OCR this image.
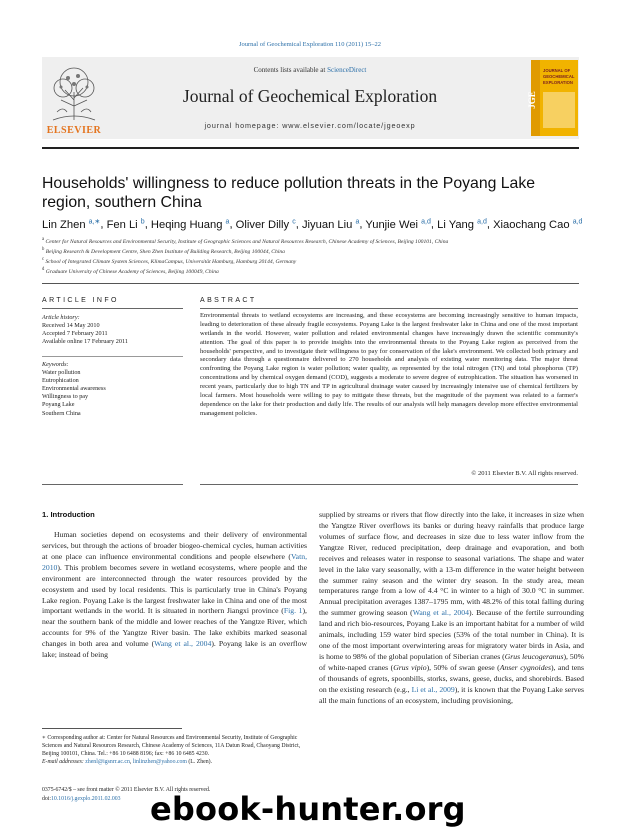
Journal of Geochemical Exploration 110 (2011) 15–22
ELSEVIER
Contents lists available at ScienceDirect
Journal of Geochemical Exploration
journal homepage: www.elsevier.com/locate/jgeoexp
JGE
JOURNAL OF
GEOCHEMICAL
EXPLORATION
Households' willingness to reduce pollution threats in the Poyang Lake region, southern China
Lin Zhen $^{a,∗}$, Fen Li $^b$, Heqing Huang $^a$, Oliver Dilly $^c$, Jiyuan Liu $^a$, Yunjie Wei $^{a,d}$, Li Yang $^{a,d}$, Xiaochang Cao $^{a,d}$
$^a$ Center for Natural Resources and Environmental Security, Institute of Geographic Sciences and Natural Resources Research, Chinese Academy of Sciences, Beijing 100101, China
$^b$ Beijing Research & Development Centre, Shen Zhen Institute of Building Research, Beijing 100044, China
$^c$ School of Integrated Climate System Sciences, KlimaCampus, Universität Hamburg, Hamburg 20144, Germany
$^d$ Graduate University of Chinese Academy of Sciences, Beijing 100049, China
ARTICLE INFO
Article history:
Received 14 May 2010
Accepted 7 February 2011
Available online 17 February 2011
Keywords:
Water pollution
Eutrophication
Environmental awareness
Willingness to pay
Poyang Lake
Southern China
ABSTRACT
Environmental threats to wetland ecosystems are increasing, and these ecosystems are becoming increasingly sensitive to human impacts, leading to deterioration of these already fragile ecosystems. Poyang Lake is the largest freshwater lake in China and one of the most important wetlands in the world. However, water pollution and related environmental changes have increasingly drawn the scientific community's attention. The goal of this paper is to provide insights into the environmental threats to the Poyang Lake region as perceived from the households' perspective, and to investigate their willingness to pay for conservation of the lake's environment. We collected both primary and secondary data through a questionnaire delivered to 270 households and analysis of existing water monitoring data. The major threat confronting the Poyang Lake region is water pollution; water quality, as represented by the total nitrogen (TN) and total phosphorus (TP) concentrations and by chemical oxygen demand (COD), suggests a moderate to severe degree of eutrophication. The situation has worsened in recent years, particularly due to high TN and TP in agricultural drainage water caused by increasingly intensive use of chemical fertilizers by local farmers. Most households were willing to pay to mitigate these threats, but the magnitude of the payment was related to a farmer's dependence on the lake for their production and daily life. The results of our analysis will help managers develop more effective environmental management policies.
© 2011 Elsevier B.V. All rights reserved.
1. Introduction

Human societies depend on ecosystems and their delivery of environmental services, but through the actions of broader biogeo-chemical cycles, human activities at one place can influence environmental conditions and people elsewhere (Vatn, 2010). This problem becomes severe in wetland ecosystems, where people and the environment are interconnected through the water resources provided by the ecosystem and used by local residents. This is particularly true in China's Poyang Lake region. Poyang Lake is the largest freshwater lake in China and one of the most important wetlands in the world. It is situated in northern Jiangxi province (Fig. 1), near the southern bank of the middle and lower reaches of the Yangtze River, which accounts for 9% of the Yangtze River basin. The lake exhibits marked seasonal changes in both area and volume (Wang et al., 2004). Poyang lake is an overflow lake; instead of being

supplied by streams or rivers that flow directly into the lake, it increases in size when the Yangtze River overflows its banks or during heavy rainfalls that produce large volumes of surface flow, and decreases in size due to less water inflow from the Yangtze River, reduced precipitation, deep drainage and evaporation, and both receives and releases water in response to seasonal variations. The shape and water level in the lake vary seasonally, with a 13-m difference in the water height between the summer rainy season and the winter dry season. In the study area, mean temperatures range from a low of 4.4 °C in winter to a high of 30.0 °C in summer. Annual precipitation averages 1387–1795 mm, with 48.2% of this total falling during the summer growing season (Wang et al., 2004). Because of the fertile surrounding land and rich bio-resources, Poyang Lake is an important habitat for a number of wild animals, including 159 water bird species (53% of the total number in China). It is one of the most important overwintering areas for migratory water birds in Asia, and is home to 98% of the global population of Siberian cranes (Grus leucogeranus), 50% of white-naped cranes (Grus vipio), 50% of swan geese (Anser cygnoides), and tens of thousands of egrets, spoonbills, storks, swans, geese, ducks, and shorebirds. Based on the existing research (e.g., Li et al., 2009), it is known that the Poyang Lake serves all the main functions of an ecosystem, including provisioning,

∗ Corresponding author at: Center for Natural Resources and Environmental Security, Institute of Geographic Sciences and Natural Resources Research, Chinese Academy of Sciences, 11A Datun Road, Chaoyang District, Beijing 100101, China. Tel.: +86 10 6488 8196; fax: +86 10 6485 4230.
E-mail addresses: zhenl@igsnrr.ac.cn, linlinzhen@yahoo.com (L. Zhen).
0375-6742/$ – see front matter © 2011 Elsevier B.V. All rights reserved.
doi:10.1016/j.gexplo.2011.02.003 ebook-hunter.org
